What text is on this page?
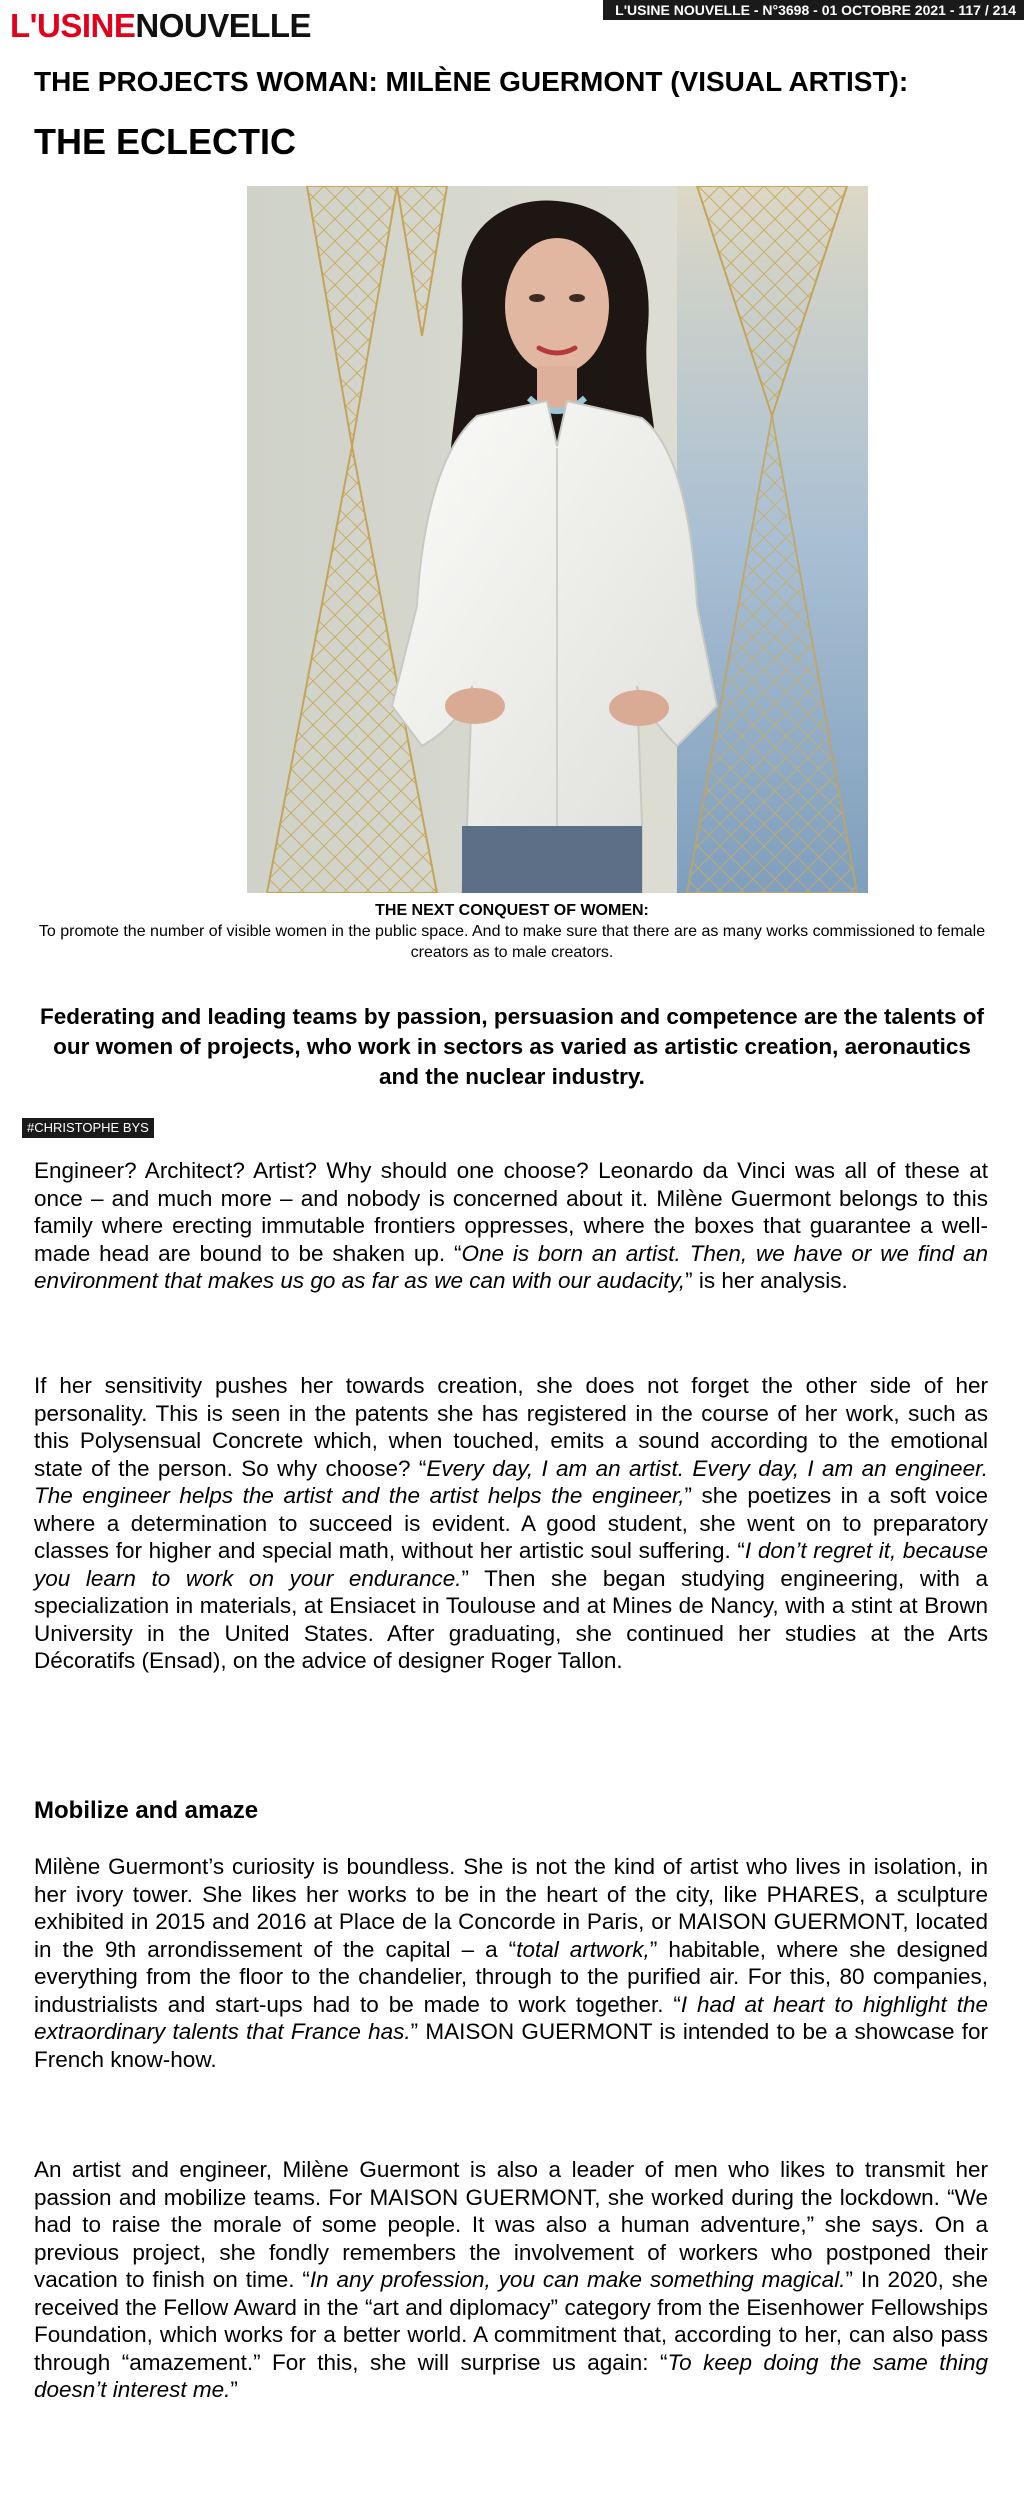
L'USINENOUVELLE	L'USINE NOUVELLE - N°3698 - 01 OCTOBRE 2021 - 117 / 214
THE PROJECTS WOMAN: MILÈNE GUERMONT (VISUAL ARTIST):
THE ECLECTIC
THE NEXT CONQUEST OF WOMEN:
To promote the number of visible women in the public space. And to make sure that there are as many works commissioned to female creators as to male creators.
Federating and leading teams by passion, persuasion and competence are the talents of our women of projects, who work in sectors as varied as artistic creation, aeronautics and the nuclear industry.
#CHRISTOPHE BYS
Engineer? Architect? Artist? Why should one choose? Leonardo da Vinci was all of these at once – and much more – and nobody is concerned about it. Milène Guermont belongs to this family where erecting immutable frontiers oppresses, where the boxes that guarantee a well-made head are bound to be shaken up. “One is born an artist. Then, we have or we find an environment that makes us go as far as we can with our audacity,” is her analysis.
If her sensitivity pushes her towards creation, she does not forget the other side of her personality. This is seen in the patents she has registered in the course of her work, such as this Polysensual Concrete which, when touched, emits a sound according to the emotional state of the person. So why choose? “Every day, I am an artist. Every day, I am an engineer. The engineer helps the artist and the artist helps the engineer,” she poetizes in a soft voice where a determination to succeed is evident. A good student, she went on to preparatory classes for higher and special math, without her artistic soul suffering. “I don’t regret it, because you learn to work on your endurance.” Then she began studying engineering, with a specialization in materials, at Ensiacet in Toulouse and at Mines de Nancy, with a stint at Brown University in the United States. After graduating, she continued her studies at the Arts Décoratifs (Ensad), on the advice of designer Roger Tallon.
Mobilize and amaze
Milène Guermont’s curiosity is boundless. She is not the kind of artist who lives in isolation, in her ivory tower. She likes her works to be in the heart of the city, like PHARES, a sculpture exhibited in 2015 and 2016 at Place de la Concorde in Paris, or MAISON GUERMONT, located in the 9th arrondissement of the capital – a “total artwork,” habitable, where she designed everything from the floor to the chandelier, through to the purified air. For this, 80 companies, industrialists and start-ups had to be made to work together. “I had at heart to highlight the extraordinary talents that France has.” MAISON GUERMONT is intended to be a showcase for French know-how.
An artist and engineer, Milène Guermont is also a leader of men who likes to transmit her passion and mobilize teams. For MAISON GUERMONT, she worked during the lockdown. “We had to raise the morale of some people. It was also a human adventure,” she says. On a previous project, she fondly remembers the involvement of workers who postponed their vacation to finish on time. “In any profession, you can make something magical.” In 2020, she received the Fellow Award in the “art and diplomacy” category from the Eisenhower Fellowships Foundation, which works for a better world. A commitment that, according to her, can also pass through “amazement.” For this, she will surprise us again: “To keep doing the same thing doesn’t interest me.”
